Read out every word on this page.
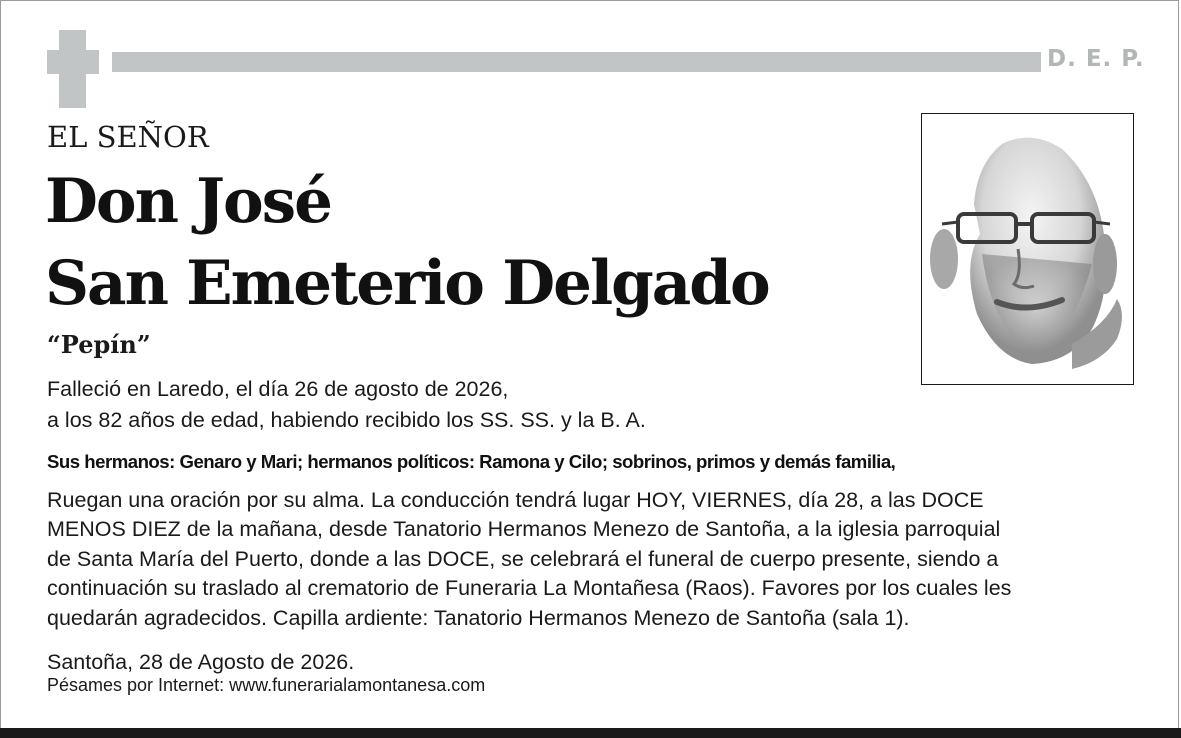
D. E. P.
EL SEÑOR
Don José
San Emeterio Delgado
“Pepín”
Falleció en Laredo, el día 26 de agosto de 2026,
a los 82 años de edad, habiendo recibido los SS. SS. y la B. A.
Sus hermanos: Genaro y Mari; hermanos políticos: Ramona y Cilo; sobrinos, primos y demás familia,
Ruegan una oración por su alma. La conducción tendrá lugar HOY, VIERNES, día 28, a las DOCE
MENOS DIEZ de la mañana, desde Tanatorio Hermanos Menezo de Santoña, a la iglesia parroquial
de Santa María del Puerto, donde a las DOCE, se celebrará el funeral de cuerpo presente, siendo a
continuación su traslado al crematorio de Funeraria La Montañesa (Raos). Favores por los cuales les
quedarán agradecidos. Capilla ardiente: Tanatorio Hermanos Menezo de Santoña (sala 1).
Santoña, 28 de Agosto de 2026.
Pésames por Internet: www.funerarialamontanesa.com
